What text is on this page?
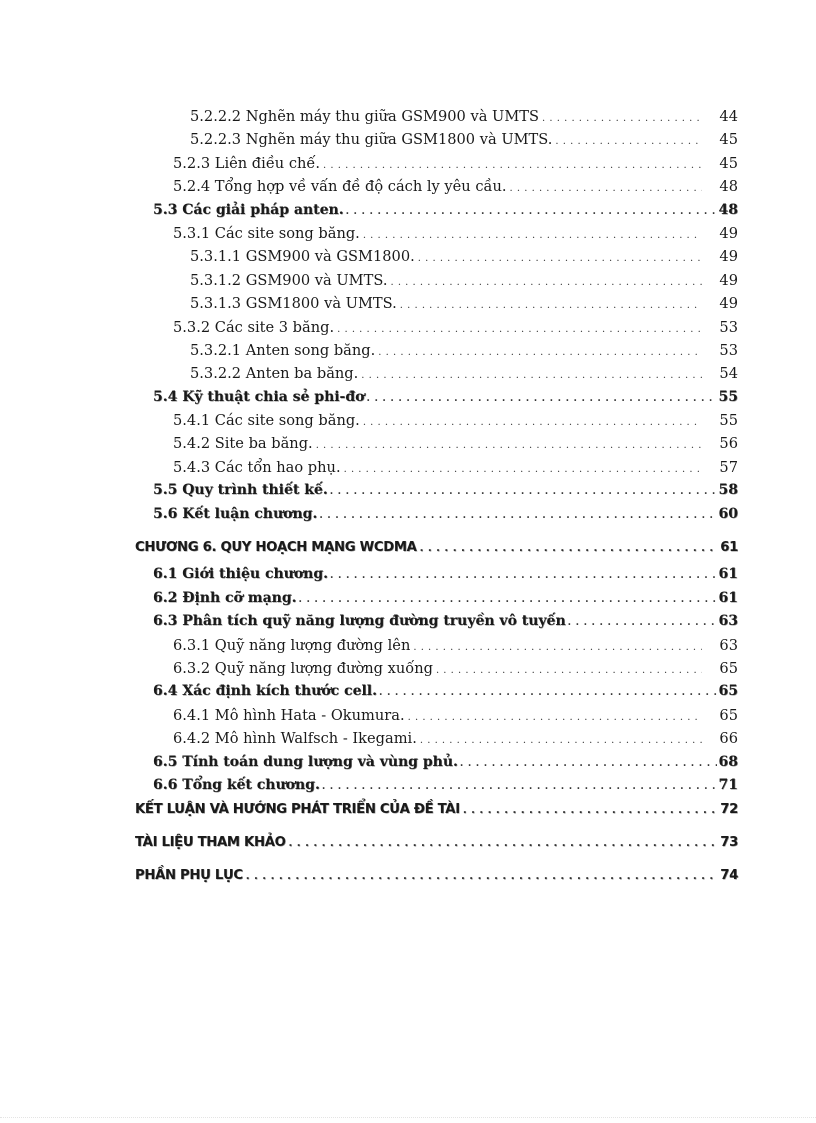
5.2.2.2 Nghẽn máy thu giữa GSM900 và UMTS . . .	44
5.2.2.3 Nghẽn máy thu giữa GSM1800 và UMTS. . . .	45
5.2.3 Liên điều chế. . . .	45
5.2.4 Tổng hợp về vấn đề độ cách ly yêu cầu. . . .	48
5.3 Các giải pháp anten. . . .	48
5.3.1 Các site song băng. . . .	49
5.3.1.1 GSM900 và GSM1800. . . .	49
5.3.1.2 GSM900 và UMTS. . . .	49
5.3.1.3 GSM1800 và UMTS. . . .	49
5.3.2 Các site 3 băng. . . .	53
5.3.2.1 Anten song băng. . . .	53
5.3.2.2 Anten ba băng. . . .	54
5.4 Kỹ thuật chia sẻ phi-đơ . . .	55
5.4.1 Các site song băng. . . .	55
5.4.2 Site ba băng. . . .	56
5.4.3 Các tổn hao phụ. . . .	57
5.5 Quy trình thiết kế. . . .	58
5.6 Kết luận chương. . . .	60
CHƯƠNG 6. QUY HOẠCH MẠNG WCDMA . . .	61
6.1 Giới thiệu chương. . . .	61
6.2 Định cỡ mạng. . . .	61
6.3 Phân tích quỹ năng lượng đường truyền vô tuyến . . .	63
6.3.1 Quỹ năng lượng đường lên . . .	63
6.3.2 Quỹ năng lượng đường xuống . . .	65
6.4 Xác định kích thước cell. . . .	65
6.4.1 Mô hình Hata - Okumura. . . .	65
6.4.2 Mô hình Walfsch - Ikegami. . . .	66
6.5 Tính toán dung lượng và vùng phủ. . . .	68
6.6 Tổng kết chương. . . .	71
KẾT LUẬN VÀ HƯỚNG PHÁT TRIỂN CỦA ĐỀ TÀI . . .	72
TÀI LIỆU THAM KHẢO . . .	73
PHẦN PHỤ LỤC . . .	74
